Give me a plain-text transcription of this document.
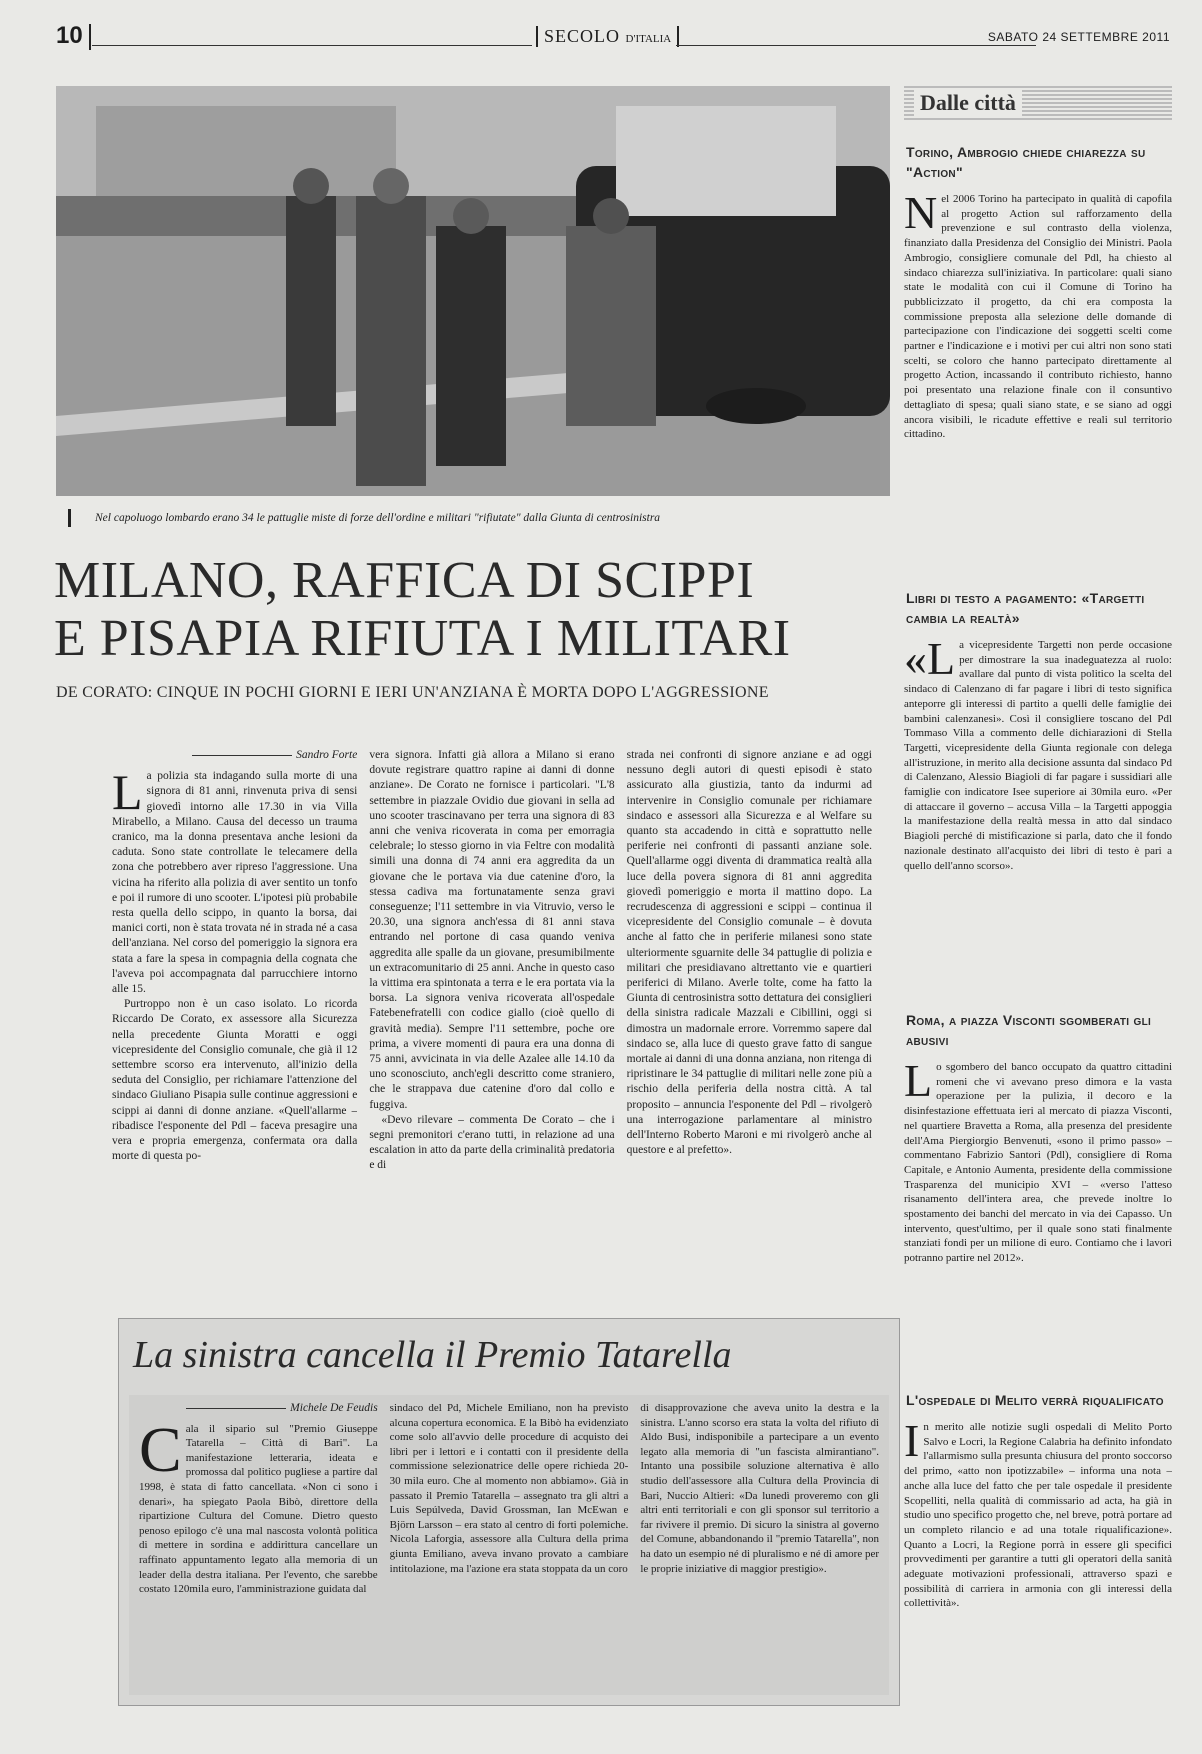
10	SECOLO D'ITALIA	SABATO 24 SETTEMBRE 2011
Nel capoluogo lombardo erano 34 le pattuglie miste di forze dell'ordine e militari "rifiutate" dalla Giunta di centrosinistra
MILANO, RAFFICA DI SCIPPI
E PISAPIA RIFIUTA I MILITARI
DE CORATO: CINQUE IN POCHI GIORNI E IERI UN'ANZIANA È MORTA DOPO L'AGGRESSIONE
Sandro Forte
L a polizia sta indagando sulla morte di una signora di 81 anni, rinvenuta priva di sensi giovedì intorno alle 17.30 in via Villa Mirabello, a Milano. Causa del decesso un trauma cranico, ma la donna presentava anche lesioni da caduta. Sono state controllate le telecamere della zona che potrebbero aver ripreso l'aggressione. Una vicina ha riferito alla polizia di aver sentito un tonfo e poi il rumore di uno scooter. L'ipotesi più probabile resta quella dello scippo, in quanto la borsa, dai manici corti, non è stata trovata né in strada né a casa dell'anziana. Nel corso del pomeriggio la signora era stata a fare la spesa in compagnia della cognata che l'aveva poi accompagnata dal parrucchiere intorno alle 15.

Purtroppo non è un caso isolato. Lo ricorda Riccardo De Corato, ex assessore alla Sicurezza nella precedente Giunta Moratti e oggi vicepresidente del Consiglio comunale, che già il 12 settembre scorso era intervenuto, all'inizio della seduta del Consiglio, per richiamare l'attenzione del sindaco Giuliano Pisapia sulle continue aggressioni e scippi ai danni di donne anziane. «Quell'allarme – ribadisce l'esponente del Pdl – faceva presagire una vera e propria emergenza, confermata ora dalla morte di questa po-

vera signora. Infatti già allora a Milano si erano dovute registrare quattro rapine ai danni di donne anziane». De Corato ne fornisce i particolari. "L'8 settembre in piazzale Ovidio due giovani in sella ad uno scooter trascinavano per terra una signora di 83 anni che veniva ricoverata in coma per emorragia celebrale; lo stesso giorno in via Feltre con modalità simili una donna di 74 anni era aggredita da un giovane che le portava via due catenine d'oro, la stessa cadiva ma fortunatamente senza gravi conseguenze; l'11 settembre in via Vitruvio, verso le 20.30, una signora anch'essa di 81 anni stava entrando nel portone di casa quando veniva aggredita alle spalle da un giovane, presumibilmente un extracomunitario di 25 anni. Anche in questo caso la vittima era spintonata a terra e le era portata via la borsa. La signora veniva ricoverata all'ospedale Fatebenefratelli con codice giallo (cioè quello di gravità media). Sempre l'11 settembre, poche ore prima, a vivere momenti di paura era una donna di 75 anni, avvicinata in via delle Azalee alle 14.10 da uno sconosciuto, anch'egli descritto come straniero, che le strappava due catenine d'oro dal collo e fuggiva.

«Devo rilevare – commenta De Corato – che i segni premonitori c'erano tutti, in relazione ad una escalation in atto da parte della criminalità predatoria e di

strada nei confronti di signore anziane e ad oggi nessuno degli autori di questi episodi è stato assicurato alla giustizia, tanto da indurmi ad intervenire in Consiglio comunale per richiamare sindaco e assessori alla Sicurezza e al Welfare su quanto sta accadendo in città e soprattutto nelle periferie nei confronti di passanti anziane sole. Quell'allarme oggi diventa di drammatica realtà alla luce della povera signora di 81 anni aggredita giovedì pomeriggio e morta il mattino dopo. La recrudescenza di aggressioni e scippi – continua il vicepresidente del Consiglio comunale – è dovuta anche al fatto che in periferie milanesi sono state ulteriormente sguarnite delle 34 pattuglie di polizia e militari che presidiavano altrettanto vie e quartieri periferici di Milano. Averle tolte, come ha fatto la Giunta di centrosinistra sotto dettatura dei consiglieri della sinistra radicale Mazzali e Cibillini, oggi si dimostra un madornale errore. Vorremmo sapere dal sindaco se, alla luce di questo grave fatto di sangue mortale ai danni di una donna anziana, non ritenga di ripristinare le 34 pattuglie di militari nelle zone più a rischio della periferia della nostra città. A tal proposito – annuncia l'esponente del Pdl – rivolgerò una interrogazione parlamentare al ministro dell'Interno Roberto Maroni e mi rivolgerò anche al questore e al prefetto».

La sinistra cancella il Premio Tatarella
Michele De Feudis
C ala il sipario sul "Premio Giuseppe Tatarella – Città di Bari". La manifestazione letteraria, ideata e promossa dal politico pugliese a partire dal 1998, è stata di fatto cancellata. «Non ci sono i denari», ha spiegato Paola Bibò, direttore della ripartizione Cultura del Comune. Dietro questo penoso epilogo c'è una mal nascosta volontà politica di mettere in sordina e addirittura cancellare un raffinato appuntamento legato alla memoria di un leader della destra italiana. Per l'evento, che sarebbe costato 120mila euro, l'amministrazione guidata dal

sindaco del Pd, Michele Emiliano, non ha previsto alcuna copertura economica. E la Bibò ha evidenziato come solo all'avvio delle procedure di acquisto dei libri per i lettori e i contatti con il presidente della commissione selezionatrice delle opere richieda 20-30 mila euro. Che al momento non abbiamo». Già in passato il Premio Tatarella – assegnato tra gli altri a Luis Sepúlveda, David Grossman, Ian McEwan e Björn Larsson – era stato al centro di forti polemiche. Nicola Laforgia, assessore alla Cultura della prima giunta Emiliano, aveva invano provato a cambiare intitolazione, ma l'azione era stata stoppata da un coro

di disapprovazione che aveva unito la destra e la sinistra. L'anno scorso era stata la volta del rifiuto di Aldo Busi, indisponibile a partecipare a un evento legato alla memoria di "un fascista almirantiano". Intanto una possibile soluzione alternativa è allo studio dell'assessore alla Cultura della Provincia di Bari, Nuccio Altieri: «Da lunedì proveremo con gli altri enti territoriali e con gli sponsor sul territorio a far rivivere il premio. Di sicuro la sinistra al governo del Comune, abbandonando il "premio Tatarella", non ha dato un esempio né di pluralismo e né di amore per le proprie iniziative di maggior prestigio».

Dalle città
Torino, Ambrogio chiede chiarezza su "Action"
N el 2006 Torino ha partecipato in qualità di capofila al progetto Action sul rafforzamento della prevenzione e sul contrasto della violenza, finanziato dalla Presidenza del Consiglio dei Ministri. Paola Ambrogio, consigliere comunale del Pdl, ha chiesto al sindaco chiarezza sull'iniziativa. In particolare: quali siano state le modalità con cui il Comune di Torino ha pubblicizzato il progetto, da chi era composta la commissione preposta alla selezione delle domande di partecipazione con l'indicazione dei soggetti scelti come partner e l'indicazione e i motivi per cui altri non sono stati scelti, se coloro che hanno partecipato direttamente al progetto Action, incassando il contributo richiesto, hanno poi presentato una relazione finale con il consuntivo dettagliato di spesa; quali siano state, e se siano ad oggi ancora visibili, le ricadute effettive e reali sul territorio cittadino.
Libri di testo a pagamento: «Targetti cambia la realtà»
«L a vicepresidente Targetti non perde occasione per dimostrare la sua inadeguatezza al ruolo: avallare dal punto di vista politico la scelta del sindaco di Calenzano di far pagare i libri di testo significa anteporre gli interessi di partito a quelli delle famiglie dei bambini calenzanesi». Così il consigliere toscano del Pdl Tommaso Villa a commento delle dichiarazioni di Stella Targetti, vicepresidente della Giunta regionale con delega all'istruzione, in merito alla decisione assunta dal sindaco Pd di Calenzano, Alessio Biagioli di far pagare i sussidiari alle famiglie con indicatore Isee superiore ai 30mila euro. «Per di attaccare il governo – accusa Villa – la Targetti appoggia la manifestazione della realtà messa in atto dal sindaco Biagioli perché di mistificazione si parla, dato che il fondo nazionale destinato all'acquisto dei libri di testo è pari a quello dell'anno scorso».
Roma, a piazza Visconti sgomberati gli abusivi
L o sgombero del banco occupato da quattro cittadini romeni che vi avevano preso dimora e la vasta operazione per la pulizia, il decoro e la disinfestazione effettuata ieri al mercato di piazza Visconti, nel quartiere Bravetta a Roma, alla presenza del presidente dell'Ama Piergiorgio Benvenuti, «sono il primo passo» – commentano Fabrizio Santori (Pdl), consigliere di Roma Capitale, e Antonio Aumenta, presidente della commissione Trasparenza del municipio XVI – «verso l'atteso risanamento dell'intera area, che prevede inoltre lo spostamento dei banchi del mercato in via dei Capasso. Un intervento, quest'ultimo, per il quale sono stati finalmente stanziati fondi per un milione di euro. Contiamo che i lavori potranno partire nel 2012».
L'ospedale di Melito verrà riqualificato
I n merito alle notizie sugli ospedali di Melito Porto Salvo e Locri, la Regione Calabria ha definito infondato l'allarmismo sulla presunta chiusura del pronto soccorso del primo, «atto non ipotizzabile» – informa una nota – anche alla luce del fatto che per tale ospedale il presidente Scopelliti, nella qualità di commissario ad acta, ha già in studio uno specifico progetto che, nel breve, potrà portare ad un completo rilancio e ad una totale riqualificazione». Quanto a Locri, la Regione porrà in essere gli specifici provvedimenti per garantire a tutti gli operatori della sanità adeguate motivazioni professionali, attraverso spazi e possibilità di carriera in armonia con gli interessi della collettività».
